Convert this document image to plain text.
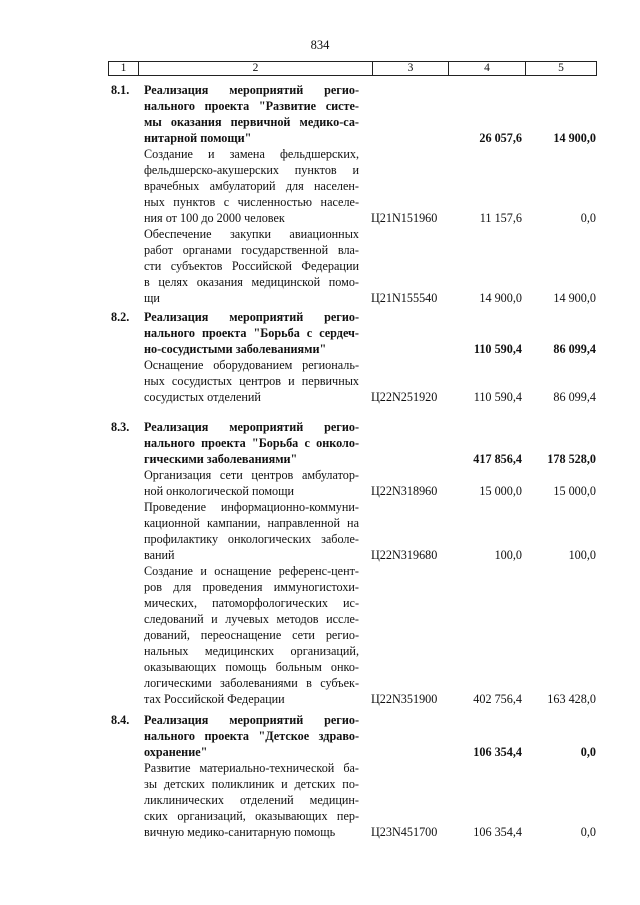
834
1	2	3	4	5
8.1. Реализация мероприятий регио-
нального проекта "Развитие систе-
мы оказания первичной медико-са-
нитарной помощи"	26 057,6	14 900,0
Создание и замена фельдшерских,
фельдшерско-акушерских пунктов и
врачебных амбулаторий для населен-
ных пунктов с численностью населе-
ния от 100 до 2000 человек	Ц21N151960	11 157,6	0,0
Обеспечение закупки авиационных
работ органами государственной вла-
сти субъектов Российской Федерации
в целях оказания медицинской помо-
щи	Ц21N155540	14 900,0	14 900,0
8.2. Реализация мероприятий регио-
нального проекта "Борьба с сердеч-
но-сосудистыми заболеваниями"	110 590,4	86 099,4
Оснащение оборудованием региональ-
ных сосудистых центров и первичных
сосудистых отделений	Ц22N251920	110 590,4	86 099,4
8.3. Реализация мероприятий регио-
нального проекта "Борьба с онколо-
гическими заболеваниями"	417 856,4	178 528,0
Организация сети центров амбулатор-
ной онкологической помощи	Ц22N318960	15 000,0	15 000,0
Проведение информационно-коммуни-
кационной кампании, направленной на
профилактику онкологических заболе-
ваний	Ц22N319680	100,0	100,0
Создание и оснащение референс-цент-
ров для проведения иммуногистохи-
мических, патоморфологических ис-
следований и лучевых методов иссле-
дований, переоснащение сети регио-
нальных медицинских организаций,
оказывающих помощь больным онко-
логическими заболеваниями в субъек-
тах Российской Федерации	Ц22N351900	402 756,4	163 428,0
8.4. Реализация мероприятий регио-
нального проекта "Детское здраво-
охранение"	106 354,4	0,0
Развитие материально-технической ба-
зы детских поликлиник и детских по-
ликлинических отделений медицин-
ских организаций, оказывающих пер-
вичную медико-санитарную помощь	Ц23N451700	106 354,4	0,0
